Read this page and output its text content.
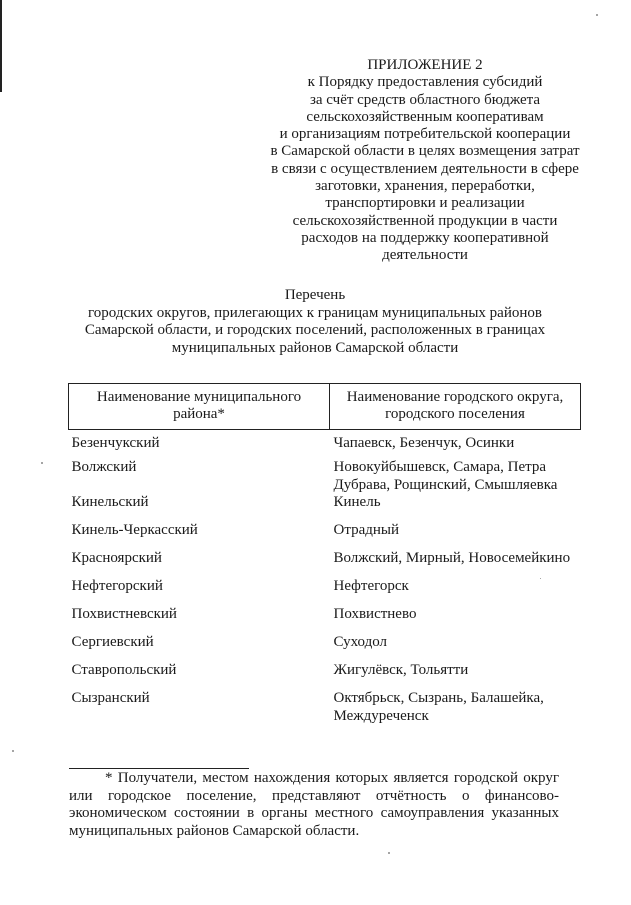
ПРИЛОЖЕНИЕ 2
к Порядку предоставления субсидий
за счёт средств областного бюджета
сельскохозяйственным кооперативам
и организациям потребительской кооперации
в Самарской области в целях возмещения затрат
в связи с осуществлением деятельности в сфере
заготовки, хранения, переработки,
транспортировки и реализации
сельскохозяйственной продукции в части
расходов на поддержку кооперативной
деятельности
Перечень
городских округов, прилегающих к границам муниципальных районов
Самарской области, и городских поселений, расположенных в границах
муниципальных районов Самарской области
Наименование муниципального района*	Наименование городского округа, городского поселения
Безенчукский	Чапаевск, Безенчук, Осинки
Волжский	Новокуйбышевск, Самара, Петра Дубрава, Рощинский, Смышляевка
Кинельский	Кинель
Кинель-Черкасский	Отрадный
Красноярский	Волжский, Мирный, Новосемейкино
Нефтегорский	Нефтегорск
Похвистневский	Похвистнево
Сергиевский	Суходол
Ставропольский	Жигулёвск, Тольятти
Сызранский	Октябрьск, Сызрань, Балашейка, Междуреченск
* Получатели, местом нахождения которых является городской округ или городское поселение, представляют отчётность о финансово-экономическом состоянии в органы местного самоуправления указанных муниципальных районов Самарской области.
